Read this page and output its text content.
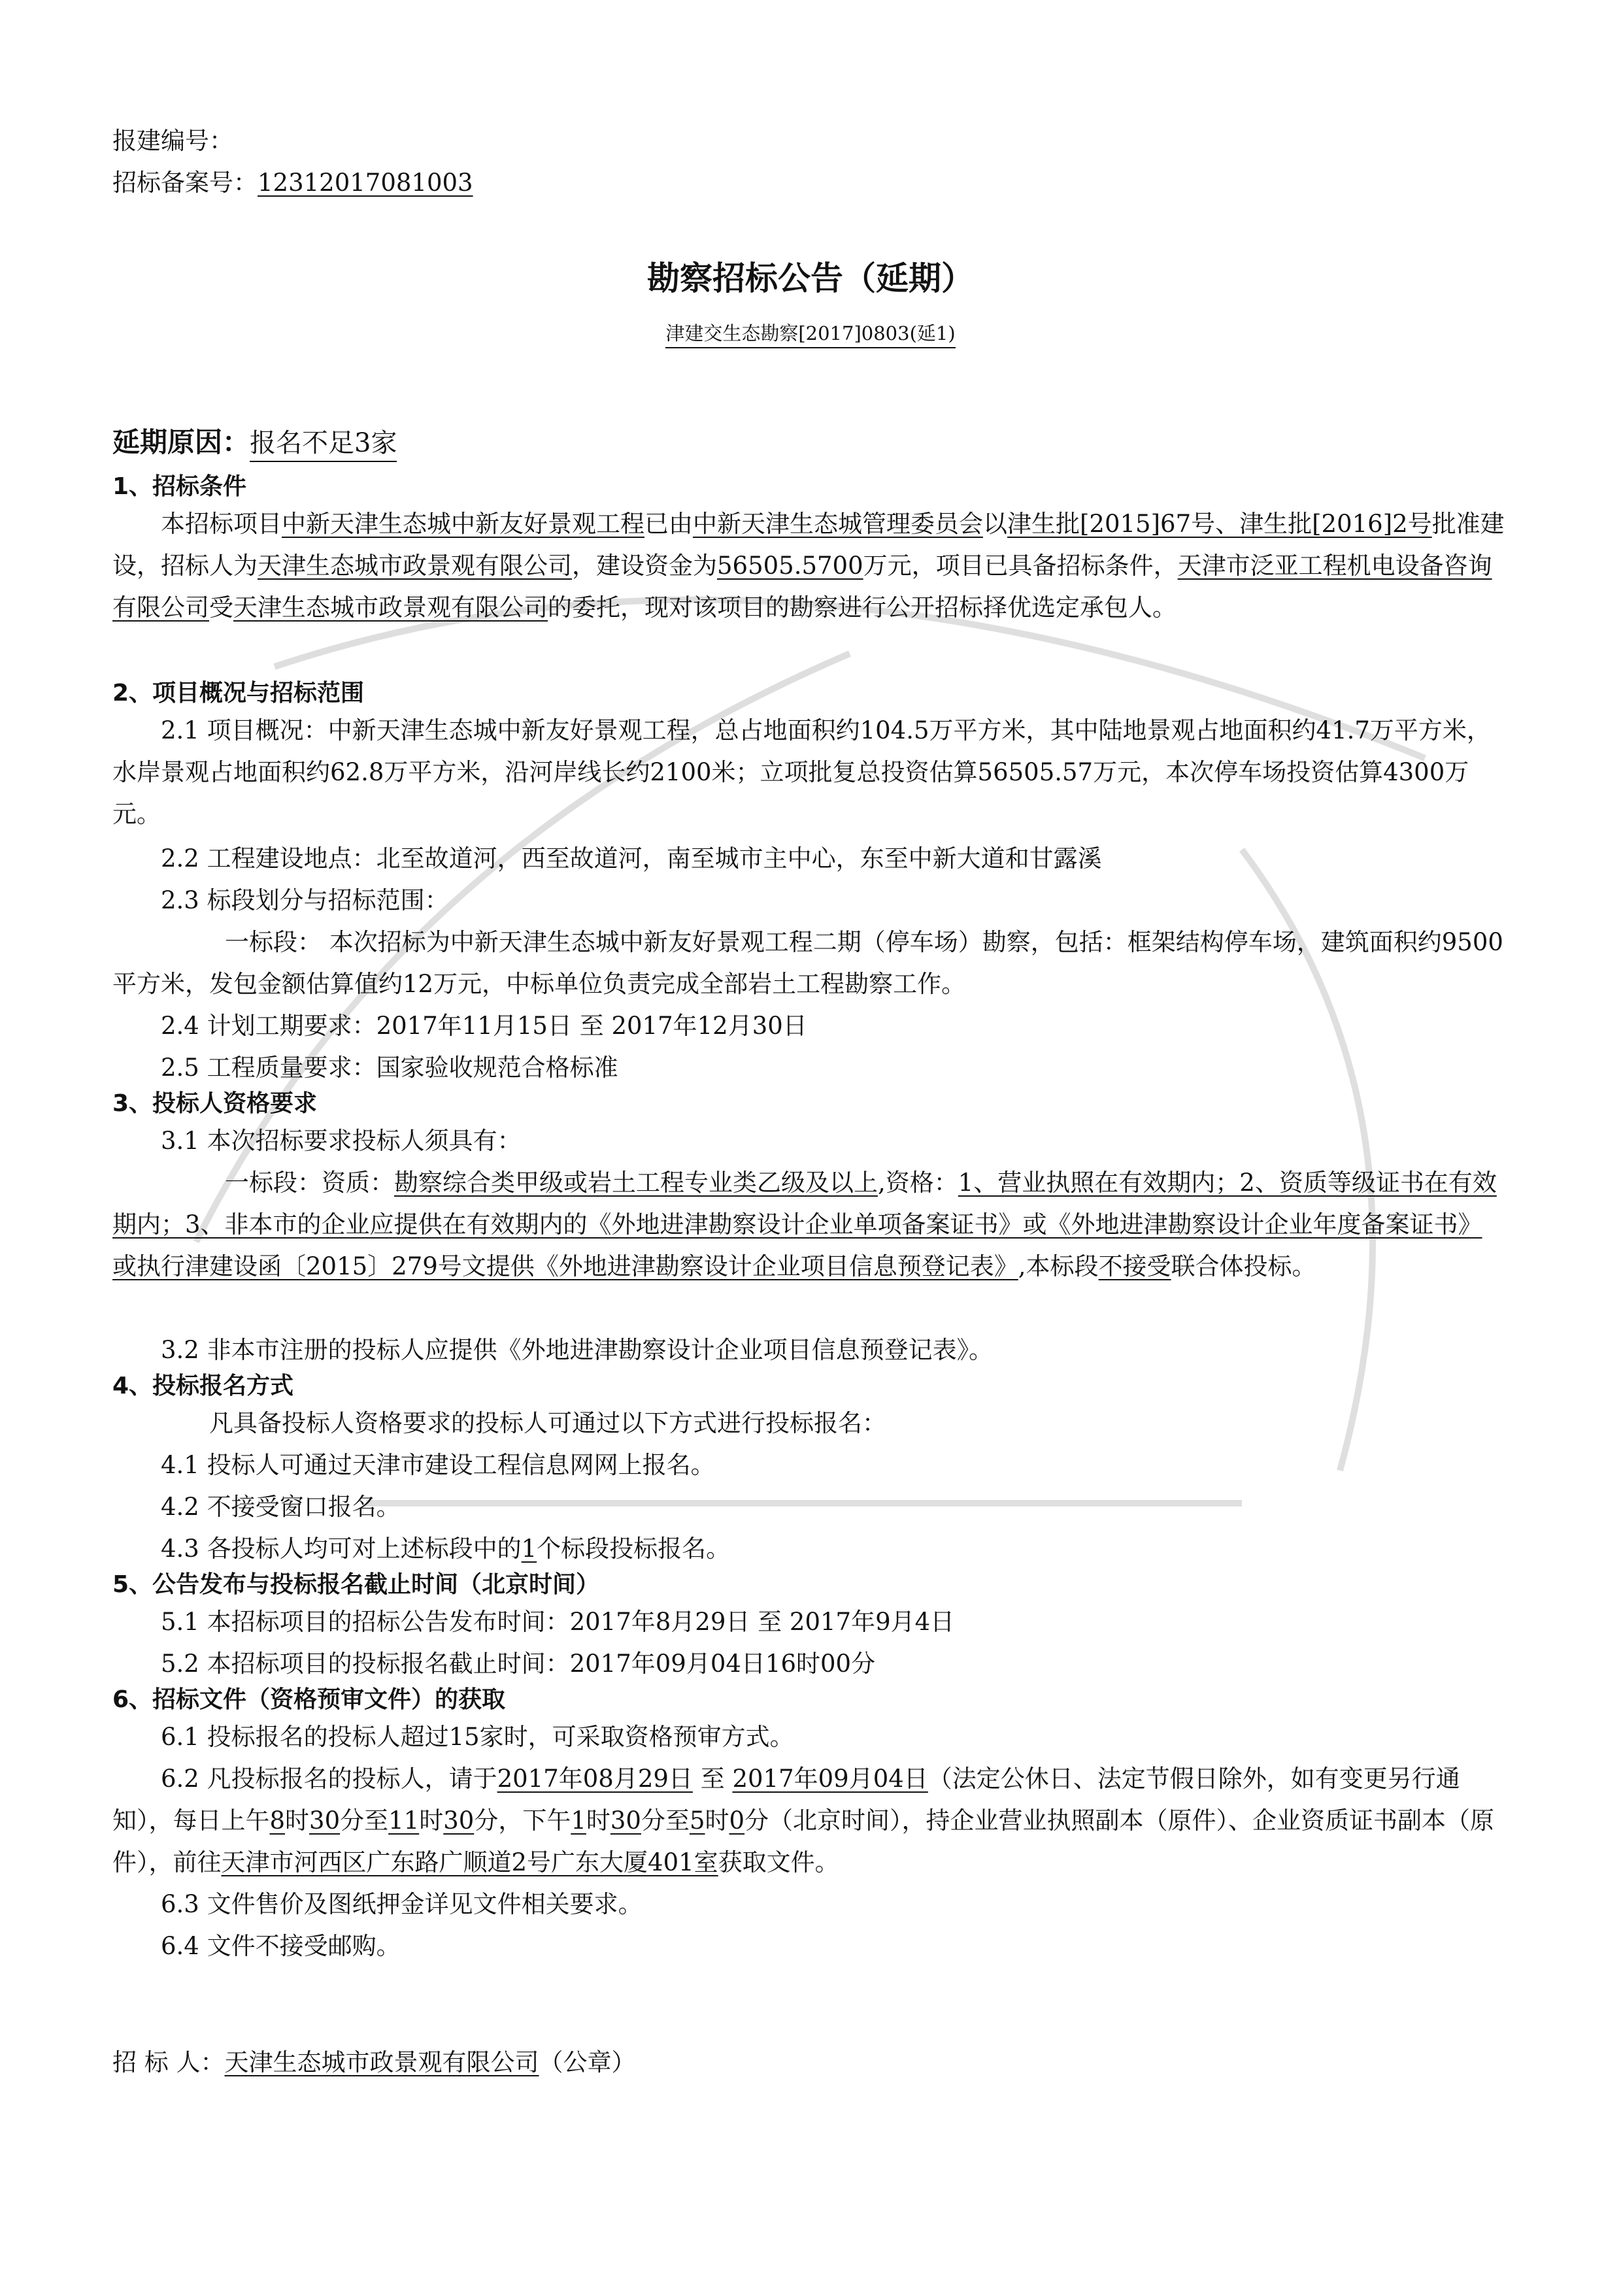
报建编号：
招标备案号：12312017081003
勘察招标公告（延期）
津建交生态勘察[2017]0803(延1)
延期原因：报名不足3家
1、招标条件
本招标项目中新天津生态城中新友好景观工程已由中新天津生态城管理委员会以津生批[2015]67号、津生批[2016]2号批准建设，招标人为天津生态城市政景观有限公司，建设资金为56505.5700万元，项目已具备招标条件，天津市泛亚工程机电设备咨询有限公司受天津生态城市政景观有限公司的委托，现对该项目的勘察进行公开招标择优选定承包人。
2、项目概况与招标范围
2.1 项目概况：中新天津生态城中新友好景观工程，总占地面积约104.5万平方米，其中陆地景观占地面积约41.7万平方米，水岸景观占地面积约62.8万平方米，沿河岸线长约2100米；立项批复总投资估算56505.57万元，本次停车场投资估算4300万元。
2.2 工程建设地点：北至故道河，西至故道河，南至城市主中心，东至中新大道和甘露溪
2.3 标段划分与招标范围：
一标段： 本次招标为中新天津生态城中新友好景观工程二期（停车场）勘察，包括：框架结构停车场，建筑面积约9500平方米，发包金额估算值约12万元，中标单位负责完成全部岩土工程勘察工作。
2.4 计划工期要求：2017年11月15日 至 2017年12月30日
2.5 工程质量要求：国家验收规范合格标准
3、投标人资格要求
3.1 本次招标要求投标人须具有：
一标段：资质：勘察综合类甲级或岩土工程专业类乙级及以上,资格：1、营业执照在有效期内；2、资质等级证书在有效期内；3、非本市的企业应提供在有效期内的《外地进津勘察设计企业单项备案证书》或《外地进津勘察设计企业年度备案证书》或执行津建设函〔2015〕279号文提供《外地进津勘察设计企业项目信息预登记表》,本标段不接受联合体投标。
3.2 非本市注册的投标人应提供《外地进津勘察设计企业项目信息预登记表》。
4、投标报名方式
凡具备投标人资格要求的投标人可通过以下方式进行投标报名：
4.1 投标人可通过天津市建设工程信息网网上报名。
4.2 不接受窗口报名。
4.3 各投标人均可对上述标段中的1个标段投标报名。
5、公告发布与投标报名截止时间（北京时间）
5.1 本招标项目的招标公告发布时间：2017年8月29日 至 2017年9月4日
5.2 本招标项目的投标报名截止时间：2017年09月04日16时00分
6、招标文件（资格预审文件）的获取
6.1 投标报名的投标人超过15家时，可采取资格预审方式。
6.2 凡投标报名的投标人，请于2017年08月29日 至 2017年09月04日（法定公休日、法定节假日除外，如有变更另行通知），每日上午8时30分至11时30分，下午1时30分至5时0分（北京时间），持企业营业执照副本（原件）、企业资质证书副本（原件），前往天津市河西区广东路广顺道2号广东大厦401室获取文件。
6.3 文件售价及图纸押金详见文件相关要求。
6.4 文件不接受邮购。
招 标 人：天津生态城市政景观有限公司（公章）
